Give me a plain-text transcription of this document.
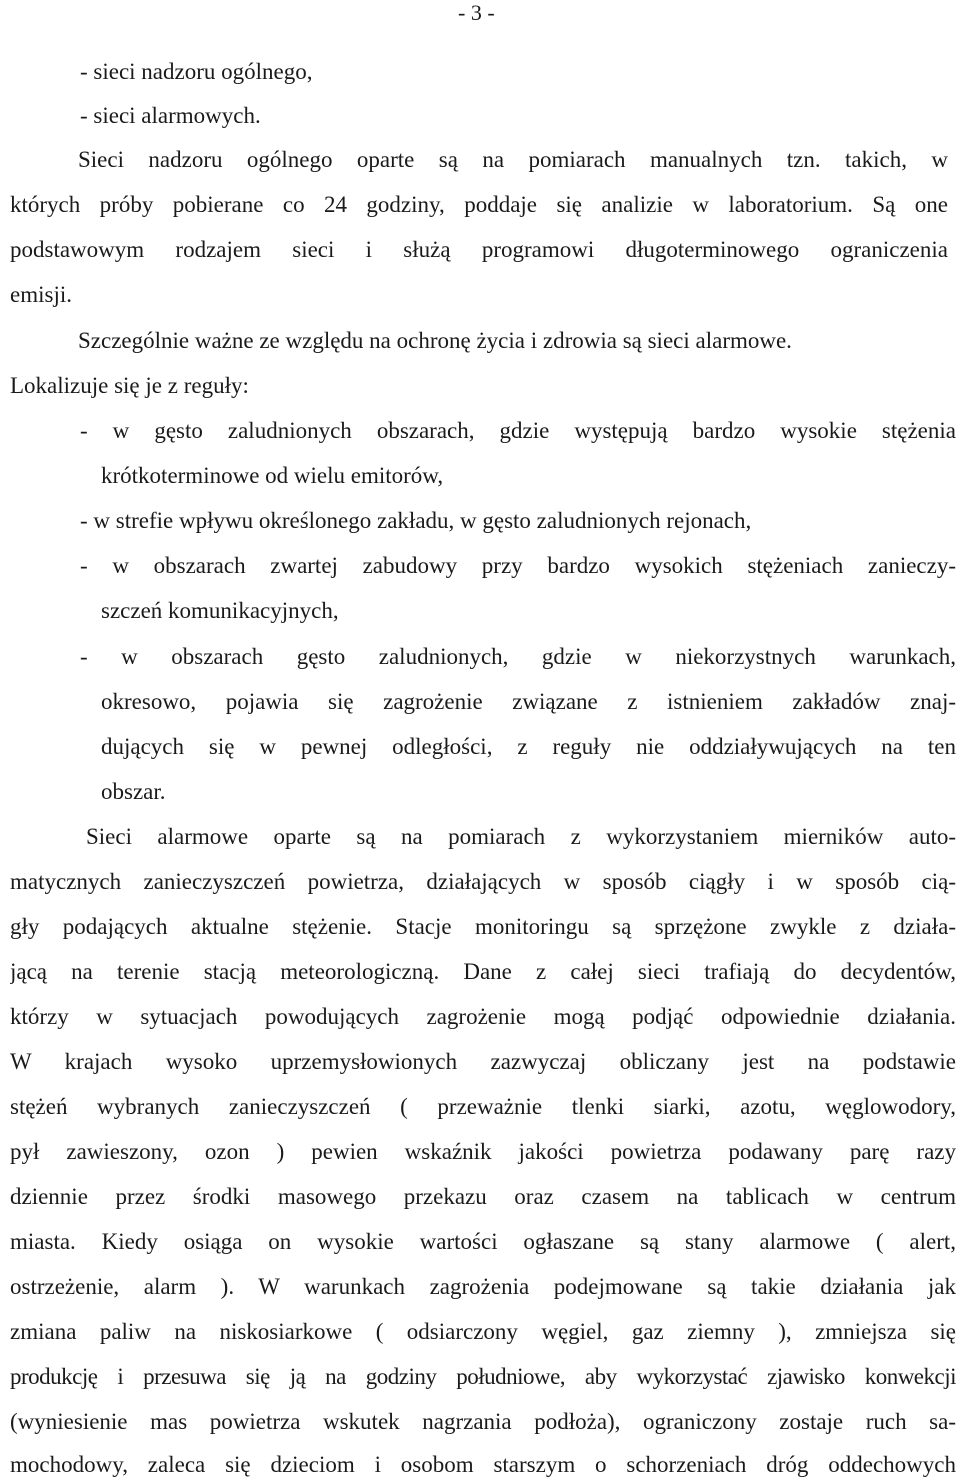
- 3 -
- sieci nadzoru ogólnego,
- sieci alarmowych.
Sieci nadzoru ogólnego oparte są na pomiarach manualnych tzn. takich, w
których próby pobierane co 24 godziny, poddaje się analizie w laboratorium. Są one
podstawowym rodzajem sieci i służą programowi długoterminowego ograniczenia
emisji.
Szczególnie ważne ze względu na ochronę życia i zdrowia są sieci alarmowe.
Lokalizuje się je z reguły:
- w gęsto zaludnionych obszarach, gdzie występują bardzo wysokie stężenia
krótkoterminowe od wielu emitorów,
- w strefie wpływu określonego zakładu, w gęsto zaludnionych rejonach,
- w obszarach zwartej zabudowy przy bardzo wysokich stężeniach zanieczy-
szczeń komunikacyjnych,
- w obszarach gęsto zaludnionych, gdzie w niekorzystnych warunkach,
okresowo, pojawia się zagrożenie związane z istnieniem zakładów znaj-
dujących się w pewnej odległości, z reguły nie oddziaływujących na ten
obszar.
Sieci alarmowe oparte są na pomiarach z wykorzystaniem mierników auto-
matycznych zanieczyszczeń powietrza, działających w sposób ciągły i w sposób cią-
gły podających aktualne stężenie. Stacje monitoringu są sprzężone zwykle z działa-
jącą na terenie stacją meteorologiczną. Dane z całej sieci trafiają do decydentów,
którzy w sytuacjach powodujących zagrożenie mogą podjąć odpowiednie działania.
W krajach wysoko uprzemysłowionych zazwyczaj obliczany jest na podstawie
stężeń wybranych zanieczyszczeń ( przeważnie tlenki siarki, azotu, węglowodory,
pył zawieszony, ozon ) pewien wskaźnik jakości powietrza podawany parę razy
dziennie przez środki masowego przekazu oraz czasem na tablicach w centrum
miasta. Kiedy osiąga on wysokie wartości ogłaszane są stany alarmowe ( alert,
ostrzeżenie, alarm ). W warunkach zagrożenia podejmowane są takie działania jak
zmiana paliw na niskosiarkowe ( odsiarczony węgiel, gaz ziemny ), zmniejsza się
produkcję i przesuwa się ją na godziny południowe, aby wykorzystać zjawisko konwekcji
(wyniesienie mas powietrza wskutek nagrzania podłoża), ograniczony zostaje ruch sa-
mochodowy, zaleca się dzieciom i osobom starszym o schorzeniach dróg oddechowych
